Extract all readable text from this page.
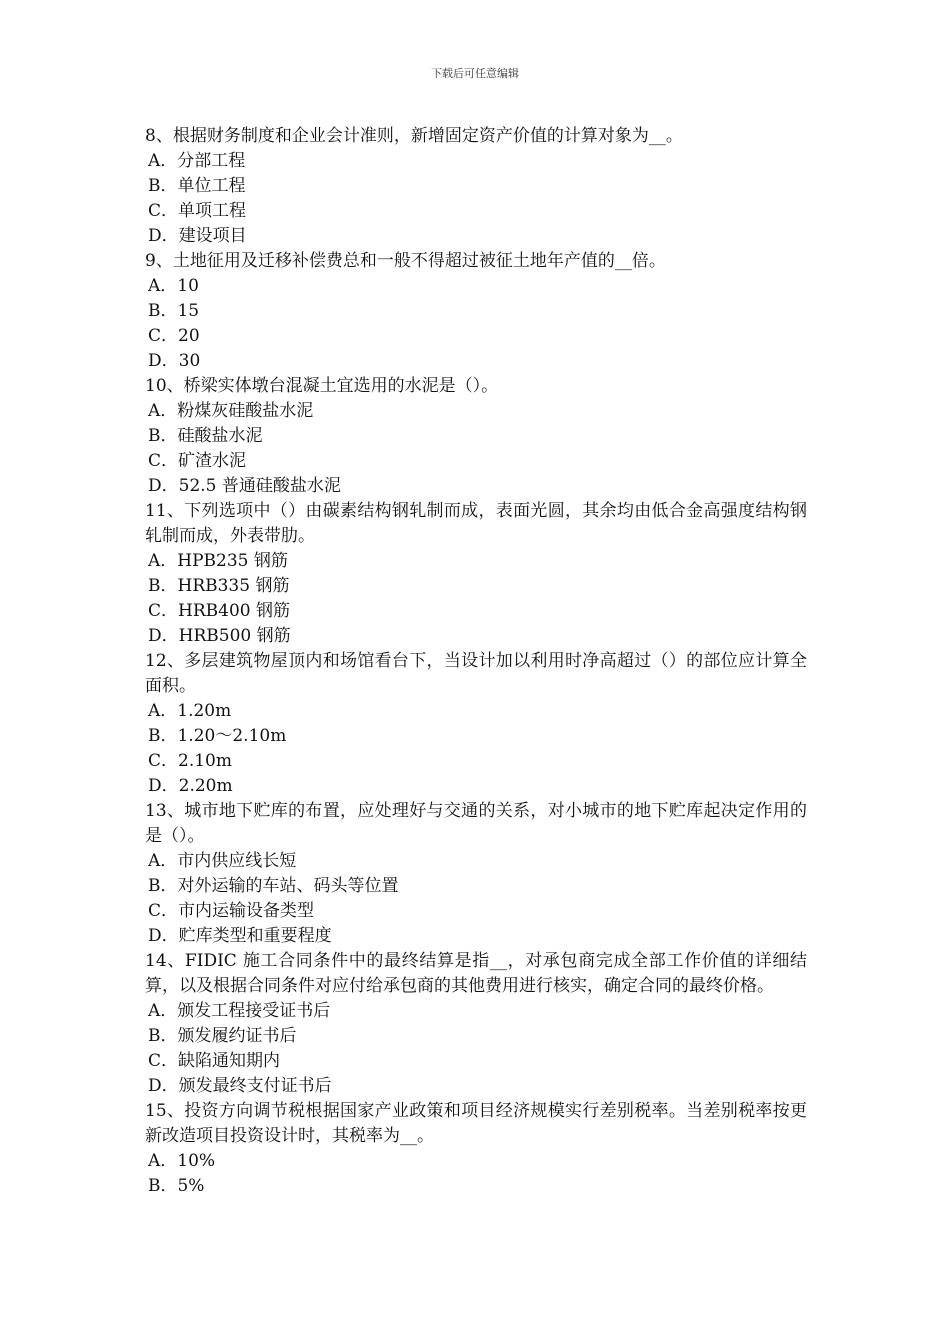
下载后可任意编辑
8、根据财务制度和企业会计准则，新增固定资产价值的计算对象为__。
A．分部工程
B．单位工程
C．单项工程
D．建设项目
9、土地征用及迁移补偿费总和一般不得超过被征土地年产值的__倍。
A．10
B．15
C．20
D．30
10、桥梁实体墩台混凝土宜选用的水泥是（）。
A．粉煤灰硅酸盐水泥
B．硅酸盐水泥
C．矿渣水泥
D．52.5 普通硅酸盐水泥
11、下列选项中（）由碳素结构钢轧制而成，表面光圆，其余均由低合金高强度结构钢轧制而成，外表带肋。
A．HPB235 钢筋
B．HRB335 钢筋
C．HRB400 钢筋
D．HRB500 钢筋
12、多层建筑物屋顶内和场馆看台下，当设计加以利用时净高超过（）的部位应计算全面积。
A．1.20m
B．1.20～2.10m
C．2.10m
D．2.20m
13、城市地下贮库的布置，应处理好与交通的关系，对小城市的地下贮库起决定作用的是（）。
A．市内供应线长短
B．对外运输的车站、码头等位置
C．市内运输设备类型
D．贮库类型和重要程度
14、FIDIC 施工合同条件中的最终结算是指__，对承包商完成全部工作价值的详细结算，以及根据合同条件对应付给承包商的其他费用进行核实，确定合同的最终价格。
A．颁发工程接受证书后
B．颁发履约证书后
C．缺陷通知期内
D．颁发最终支付证书后
15、投资方向调节税根据国家产业政策和项目经济规模实行差别税率。当差别税率按更新改造项目投资设计时，其税率为__。
A．10%
B．5%
